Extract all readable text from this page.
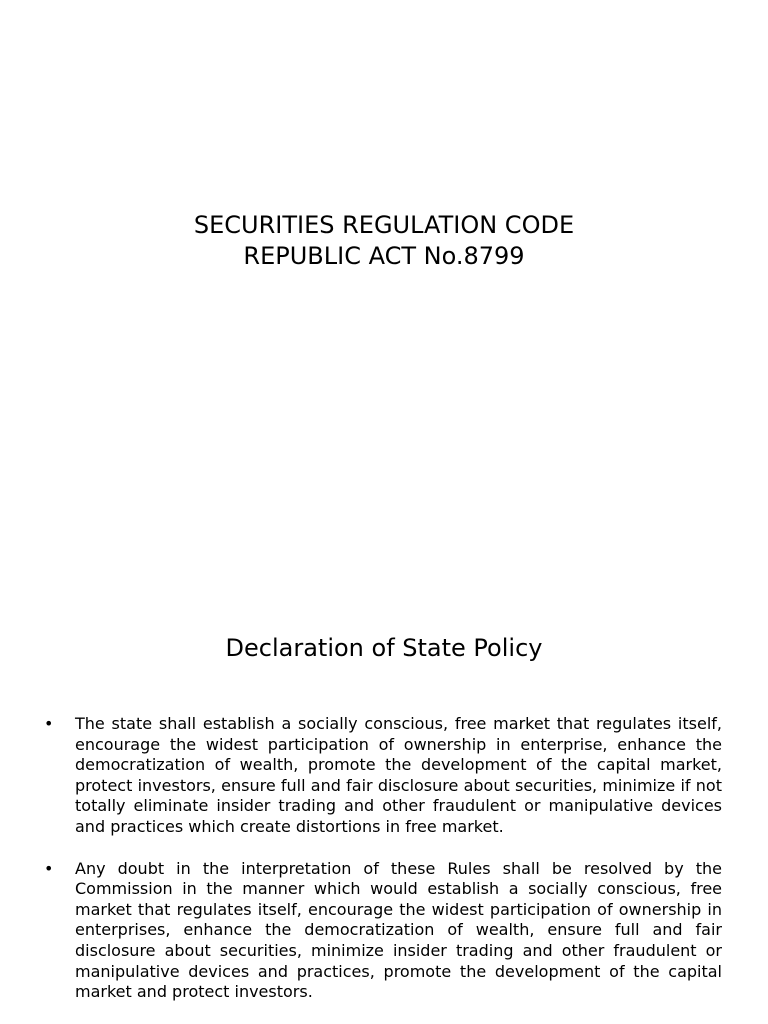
SECURITIES REGULATION CODE
REPUBLIC ACT No.8799
Declaration of State Policy
• The state shall establish a socially conscious, free market that regulates itself, encourage the widest participation of ownership in enterprise, enhance the democratization of wealth, promote the development of the capital market, protect investors, ensure full and fair disclosure about securities, minimize if not totally eliminate insider trading and other fraudulent or manipulative devices and practices which create distortions in free market.
• Any doubt in the interpretation of these Rules shall be resolved by the Commission in the manner which would establish a socially conscious, free market that regulates itself, encourage the widest participation of ownership in enterprises, enhance the democratization of wealth, ensure full and fair disclosure about securities, minimize insider trading and other fraudulent or manipulative devices and practices, promote the development of the capital market and protect investors.
